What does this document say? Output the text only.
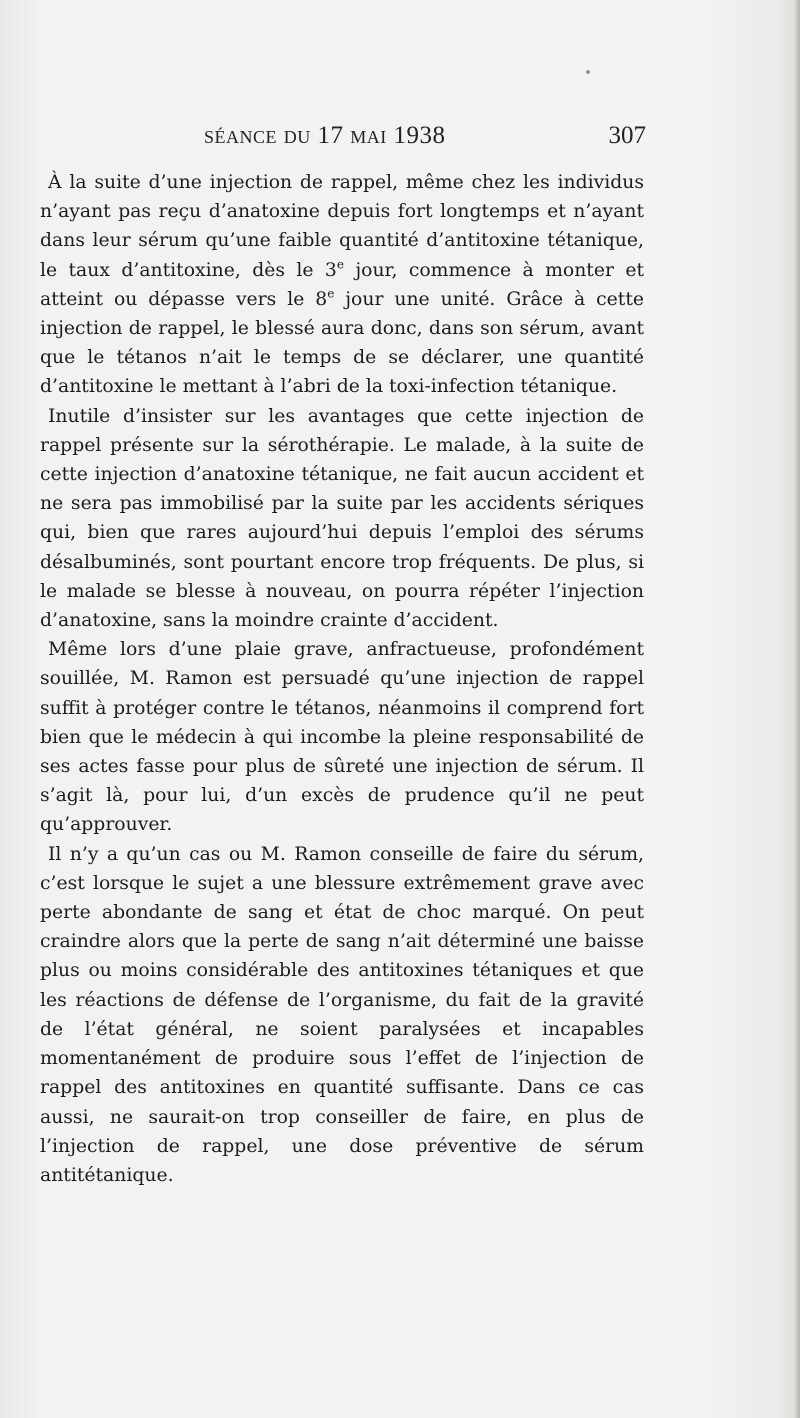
séance du 17 mai 1938	307

À la suite d’une injection de rappel, même chez les individus n’ayant pas reçu d’anatoxine depuis fort longtemps et n’ayant dans leur sérum qu’une faible quantité d’antitoxine tétanique, le taux d’antitoxine, dès le 3e jour, commence à monter et atteint ou dépasse vers le 8e jour une unité. Grâce à cette injection de rappel, le blessé aura donc, dans son sérum, avant que le tétanos n’ait le temps de se déclarer, une quantité d’antitoxine le mettant à l’abri de la toxi-infection tétanique.

Inutile d’insister sur les avantages que cette injection de rappel présente sur la sérothérapie. Le malade, à la suite de cette injection d’anatoxine tétanique, ne fait aucun accident et ne sera pas immobilisé par la suite par les accidents sériques qui, bien que rares aujourd’hui depuis l’emploi des sérums désalbuminés, sont pourtant encore trop fréquents. De plus, si le malade se blesse à nouveau, on pourra répéter l’injection d’anatoxine, sans la moindre crainte d’accident.

Même lors d’une plaie grave, anfractueuse, profondément souillée, M. Ramon est persuadé qu’une injection de rappel suffit à protéger contre le tétanos, néanmoins il comprend fort bien que le médecin à qui incombe la pleine responsabilité de ses actes fasse pour plus de sûreté une injection de sérum. Il s’agit là, pour lui, d’un excès de prudence qu’il ne peut qu’approuver.

Il n’y a qu’un cas ou M. Ramon conseille de faire du sérum, c’est lorsque le sujet a une blessure extrêmement grave avec perte abondante de sang et état de choc marqué. On peut craindre alors que la perte de sang n’ait déterminé une baisse plus ou moins considérable des antitoxines tétaniques et que les réactions de défense de l’organisme, du fait de la gravité de l’état général, ne soient paralysées et incapables momentanément de produire sous l’effet de l’injection de rappel des antitoxines en quantité suffisante. Dans ce cas aussi, ne saurait-on trop conseiller de faire, en plus de l’injection de rappel, une dose préventive de sérum antitétanique.
